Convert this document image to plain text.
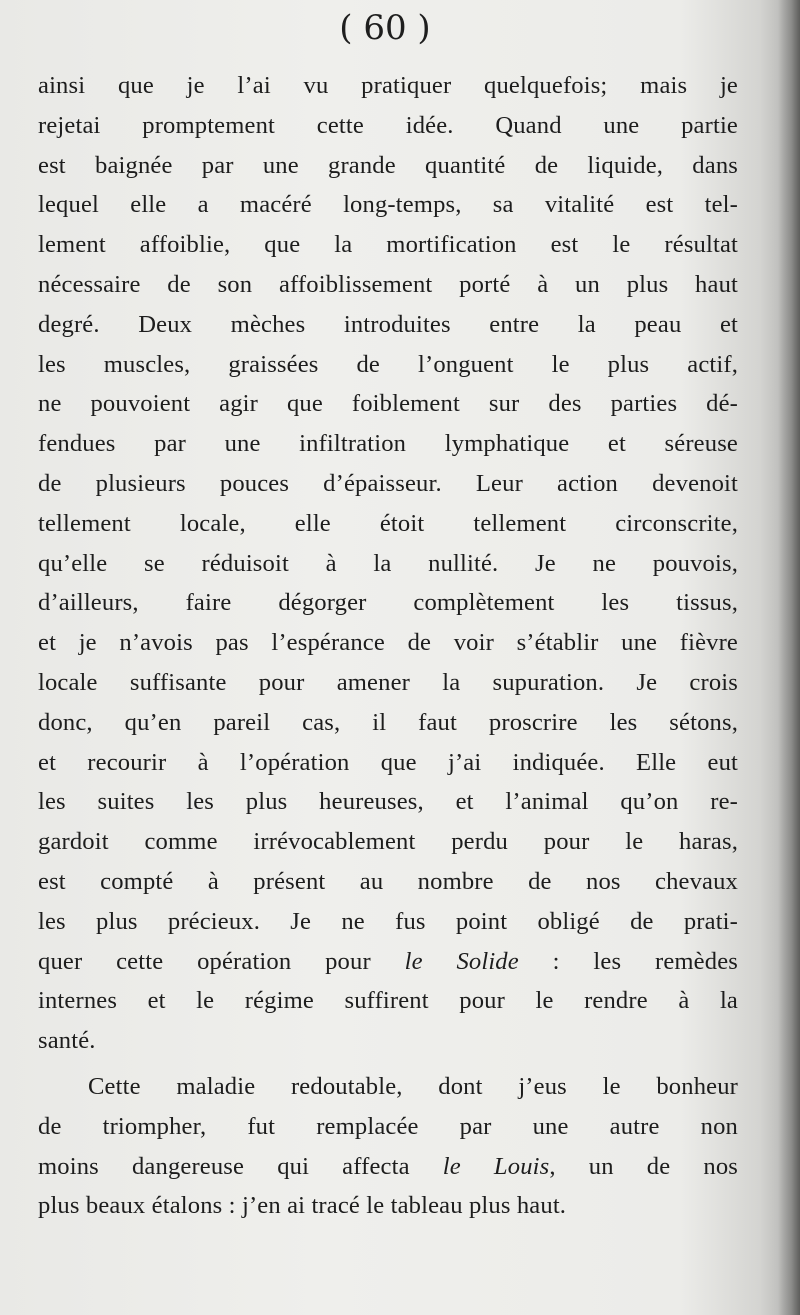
( 60 )

ainsi que je l’ai vu pratiquer quelquefois; mais je
rejetai promptement cette idée. Quand une partie
est baignée par une grande quantité de liquide, dans
lequel elle a macéré long-temps, sa vitalité est tel-
lement affoiblie, que la mortification est le résultat
nécessaire de son affoiblissement porté à un plus haut
degré. Deux mèches introduites entre la peau et
les muscles, graissées de l’onguent le plus actif,
ne pouvoient agir que foiblement sur des parties dé-
fendues par une infiltration lymphatique et séreuse
de plusieurs pouces d’épaisseur. Leur action devenoit
tellement locale, elle étoit tellement circonscrite,
qu’elle se réduisoit à la nullité. Je ne pouvois,
d’ailleurs, faire dégorger complètement les tissus,
et je n’avois pas l’espérance de voir s’établir une fièvre
locale suffisante pour amener la supuration. Je crois
donc, qu’en pareil cas, il faut proscrire les sétons,
et recourir à l’opération que j’ai indiquée. Elle eut
les suites les plus heureuses, et l’animal qu’on re-
gardoit comme irrévocablement perdu pour le haras,
est compté à présent au nombre de nos chevaux
les plus précieux. Je ne fus point obligé de prati-
quer cette opération pour le Solide : les remèdes
internes et le régime suffirent pour le rendre à la
santé.
Cette maladie redoutable, dont j’eus le bonheur
de triompher, fut remplacée par une autre non
moins dangereuse qui affecta le Louis, un de nos
plus beaux étalons : j’en ai tracé le tableau plus haut.
